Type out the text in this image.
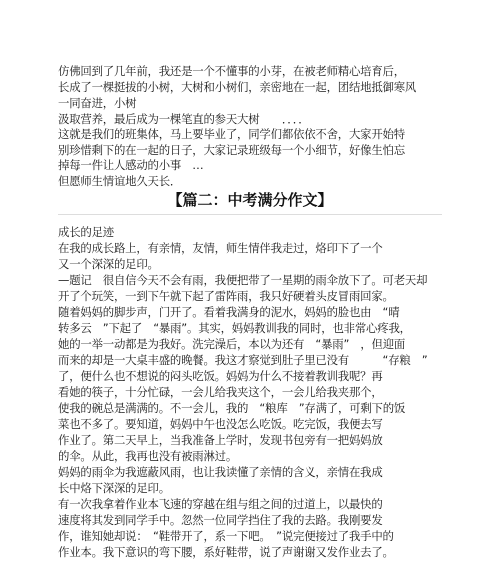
仿佛回到了几年前，我还是一个不懂事的小芽，在被老师精心培育后，
长成了一棵挺拔的小树，大树和小树们，亲密地在一起，团结地抵御寒风
一同奋进，小树
汲取营养，最后成为一棵笔直的参天大树　　．．．．
这就是我们的班集体，马上要毕业了，同学们都依依不舍，大家开始特
别珍惜剩下的在一起的日子，大家记录班级每一个小细节，好像生怕忘
掉每一件让人感动的小事　…
但愿师生情谊地久天长．
【篇二：中考满分作文】
成长的足迹
在我的成长路上，有亲情，友情，师生情伴我走过，烙印下了一个
又一个深深的足印。
—题记　很自信今天不会有雨，我便把带了一星期的雨伞放下了。可老天却
开了个玩笑，一到下午就下起了雷阵雨，我只好硬着头皮冒雨回家。
随着妈妈的脚步声，门开了。看着我满身的泥水，妈妈的脸也由　“晴
转多云　”下起了　“暴雨”。其实，妈妈教训我的同时，也非常心疼我，
她的一举一动都是为我好。洗完澡后，本以为还有　“暴雨”　，但迎面
而来的却是一大桌丰盛的晚餐。我这才察觉到肚子里已没有　　　“存粮　”
了，便什么也不想说的闷头吃饭。妈妈为什么不接着教训我呢？再
看她的筷子，十分忙碌，一会儿给我夹这个，一会儿给我夹那个，
使我的碗总是满满的。不一会儿，我的　“粮库　”存满了，可剩下的饭
菜也不多了。要知道，妈妈中午也没怎么吃饭。吃完饭，我便去写
作业了。第二天早上，当我准备上学时，发现书包旁有一把妈妈放
的伞。从此，我再也没有被雨淋过。
妈妈的雨伞为我遮蔽风雨，也让我读懂了亲情的含义，亲情在我成
长中烙下深深的足印。
有一次我拿着作业本飞速的穿越在组与组之间的过道上，以最快的
速度将其发到同学手中。忽然一位同学挡住了我的去路。我刚要发
作，谁知她却说：　“鞋带开了，系一下吧。　”说完便接过了我手中的
作业本。我下意识的弯下腰，系好鞋带，说了声谢谢又发作业去了。
